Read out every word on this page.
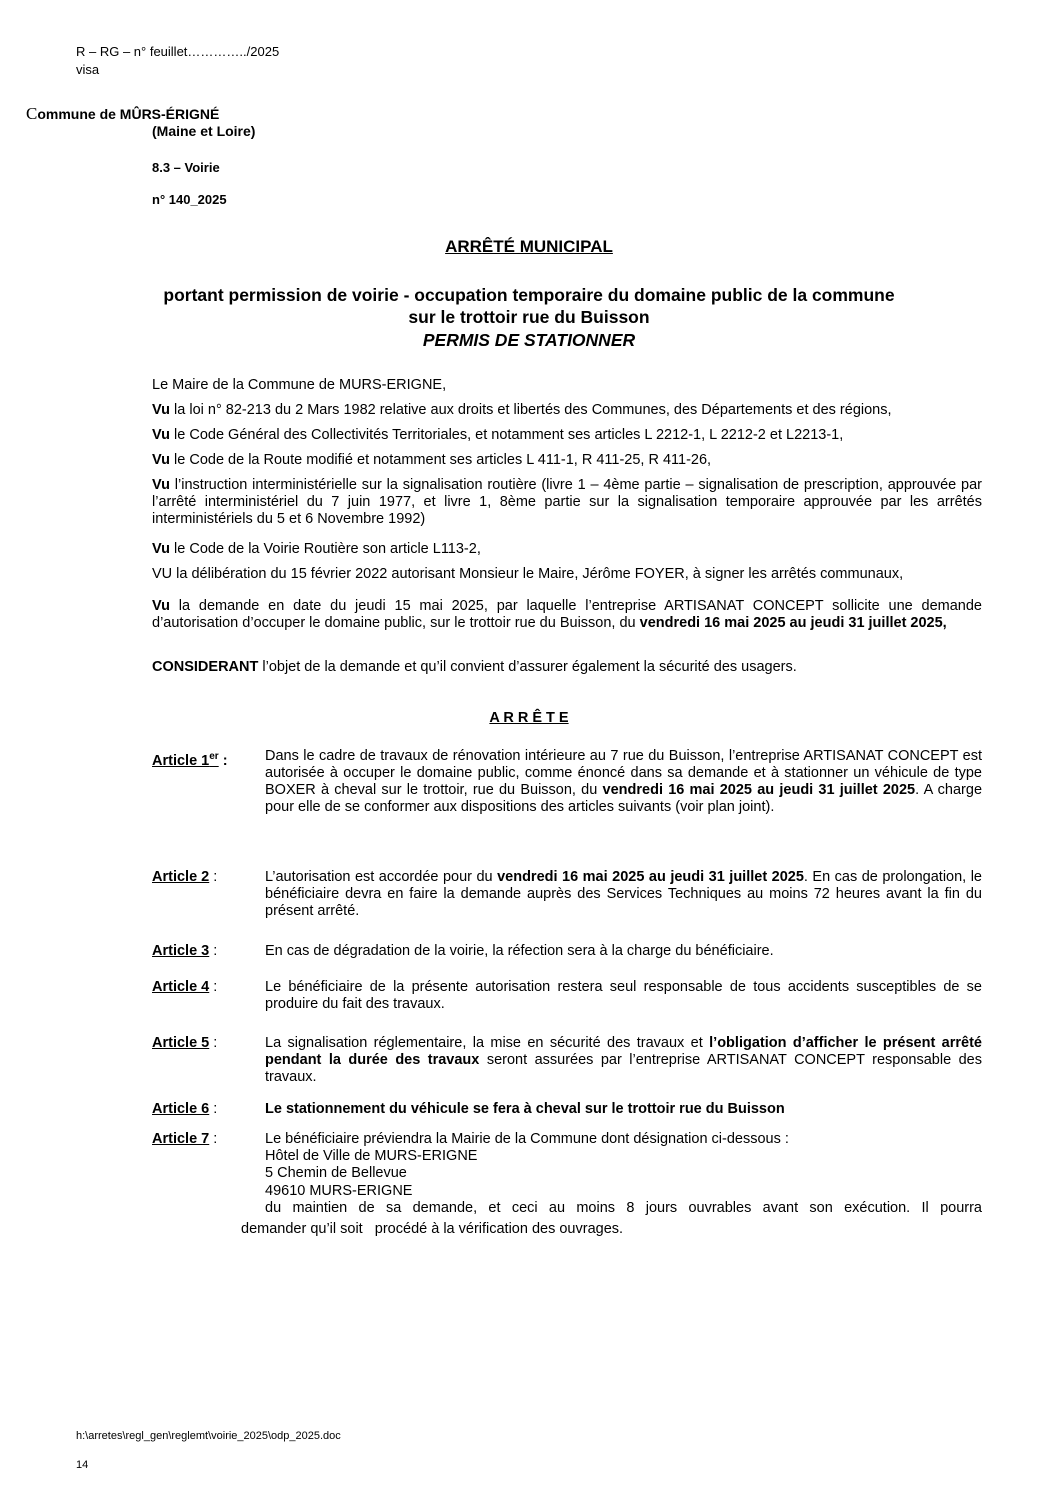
R – RG – n° feuillet…………../2025
visa
Commune de MÛRS-ÉRIGNÉ
(Maine et Loire)
8.3 – Voirie
n° 140_2025
ARRÊTÉ MUNICIPAL
portant permission de voirie - occupation temporaire du domaine public de la commune
sur le trottoir rue du Buisson
PERMIS DE STATIONNER
Le Maire de la Commune de MURS-ERIGNE,
Vu la loi n° 82-213 du 2 Mars 1982 relative aux droits et libertés des Communes, des Départements et des régions,
Vu le Code Général des Collectivités Territoriales, et notamment ses articles L 2212-1, L 2212-2 et L2213-1,
Vu le Code de la Route modifié et notamment ses articles L 411-1, R 411-25, R 411-26,
Vu l’instruction interministérielle sur la signalisation routière (livre 1 – 4ème partie – signalisation de prescription, approuvée par l’arrêté interministériel du 7 juin 1977, et livre 1, 8ème partie sur la signalisation temporaire approuvée par les arrêtés interministériels du 5 et 6 Novembre 1992)
Vu le Code de la Voirie Routière son article L113-2,
VU la délibération du 15 février 2022 autorisant Monsieur le Maire, Jérôme FOYER, à signer les arrêtés communaux,
Vu la demande en date du jeudi 15 mai 2025, par laquelle l’entreprise ARTISANAT CONCEPT sollicite une demande d’autorisation d’occuper le domaine public, sur le trottoir rue du Buisson, du vendredi 16 mai 2025 au jeudi 31 juillet 2025,
CONSIDERANT l’objet de la demande et qu’il convient d’assurer également la sécurité des usagers.
A R R Ê T E
Article 1er :	Dans le cadre de travaux de rénovation intérieure au 7 rue du Buisson, l’entreprise ARTISANAT CONCEPT est autorisée à occuper le domaine public, comme énoncé dans sa demande et à stationner un véhicule de type BOXER à cheval sur le trottoir, rue du Buisson, du vendredi 16 mai 2025 au jeudi 31 juillet 2025. A charge pour elle de se conformer aux dispositions des articles suivants (voir plan joint).
Article 2 :	L’autorisation est accordée pour du vendredi 16 mai 2025 au jeudi 31 juillet 2025. En cas de prolongation, le bénéficiaire devra en faire la demande auprès des Services Techniques au moins 72 heures avant la fin du présent arrêté.
Article 3 :	En cas de dégradation de la voirie, la réfection sera à la charge du bénéficiaire.
Article 4 :	Le bénéficiaire de la présente autorisation restera seul responsable de tous accidents susceptibles de se produire du fait des travaux.
Article 5 :	La signalisation réglementaire, la mise en sécurité des travaux et l’obligation d’afficher le présent arrêté pendant la durée des travaux seront assurées par l’entreprise ARTISANAT CONCEPT responsable des travaux.
Article 6 :	Le stationnement du véhicule se fera à cheval sur le trottoir rue du Buisson
Article 7 :	Le bénéficiaire préviendra la Mairie de la Commune dont désignation ci-dessous :
Hôtel de Ville de MURS-ERIGNE
5 Chemin de Bellevue
49610 MURS-ERIGNE
du maintien de sa demande, et ceci au moins 8 jours ouvrables avant son exécution. Il pourra
demander qu’il soit   procédé à la vérification des ouvrages.
h:\arretes\regl_gen\reglemt\voirie_2025\odp_2025.doc
14
